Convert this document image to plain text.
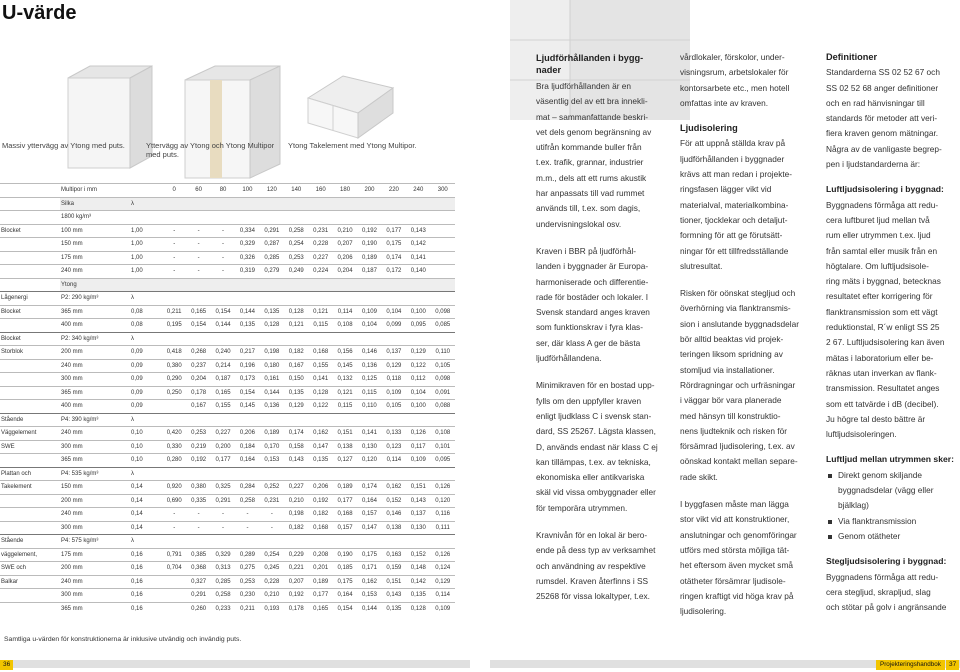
U-värde
Massiv yttervägg av Ytong med puts.	Yttervägg av Ytong och Ytong Multipor med puts.
Ytong Takelement med Ytong Multipor.
	Multipor i mm		0	60	80	100	120	140	160	180	200	220	240	300
	Silka	λ												
	1800 kg/m³													
Blocket	100 mm	1,00	-	-	-	0,334	0,291	0,258	0,231	0,210	0,192	0,177	0,143	
	150 mm	1,00	-	-	-	0,329	0,287	0,254	0,228	0,207	0,190	0,175	0,142	
	175 mm	1,00	-	-	-	0,326	0,285	0,253	0,227	0,206	0,189	0,174	0,141	
	240 mm	1,00	-	-	-	0,319	0,279	0,249	0,224	0,204	0,187	0,172	0,140	
	Ytong													
Lågenergi	P2: 290 kg/m³	λ												
Blocket	365 mm	0,08	0,211	0,165	0,154	0,144	0,135	0,128	0,121	0,114	0,109	0,104	0,100	0,098
	400 mm	0,08	0,195	0,154	0,144	0,135	0,128	0,121	0,115	0,108	0,104	0,099	0,095	0,085
Blocket	P2: 340 kg/m³	λ												
Storblok	200 mm	0,09	0,418	0,268	0,240	0,217	0,198	0,182	0,168	0,156	0,146	0,137	0,129	0,110
	240 mm	0,09	0,380	0,237	0,214	0,196	0,180	0,167	0,155	0,145	0,136	0,129	0,122	0,105
	300 mm	0,09	0,290	0,204	0,187	0,173	0,161	0,150	0,141	0,132	0,125	0,118	0,112	0,098
	365 mm	0,09	0,250	0,178	0,165	0,154	0,144	0,135	0,128	0,121	0,115	0,109	0,104	0,091
	400 mm	0,09		0,167	0,155	0,145	0,136	0,129	0,122	0,115	0,110	0,105	0,100	0,088
Stående	P4: 390 kg/m³	λ												
Väggelement	240 mm	0,10	0,420	0,253	0,227	0,206	0,189	0,174	0,162	0,151	0,141	0,133	0,126	0,108
SWE	300 mm	0,10	0,330	0,219	0,200	0,184	0,170	0,158	0,147	0,138	0,130	0,123	0,117	0,101
	365 mm	0,10	0,280	0,192	0,177	0,164	0,153	0,143	0,135	0,127	0,120	0,114	0,109	0,095
Plattan och	P4: 535 kg/m³	λ												
Takelement	150 mm	0,14	0,920	0,380	0,325	0,284	0,252	0,227	0,206	0,189	0,174	0,162	0,151	0,126
	200 mm	0,14	0,690	0,335	0,291	0,258	0,231	0,210	0,192	0,177	0,164	0,152	0,143	0,120
	240 mm	0,14	-	-	-	-	-	0,198	0,182	0,168	0,157	0,146	0,137	0,116
	300 mm	0,14	-	-	-	-	-	0,182	0,168	0,157	0,147	0,138	0,130	0,111
Stående	P4: 575 kg/m³	λ												
väggelement,	175 mm	0,16	0,791	0,385	0,329	0,289	0,254	0,229	0,208	0,190	0,175	0,163	0,152	0,126
SWE och	200 mm	0,16	0,704	0,368	0,313	0,275	0,245	0,221	0,201	0,185	0,171	0,159	0,148	0,124
Balkar	240 mm	0,16		0,327	0,285	0,253	0,228	0,207	0,189	0,175	0,162	0,151	0,142	0,129
	300 mm	0,16		0,291	0,258	0,230	0,210	0,192	0,177	0,164	0,153	0,143	0,135	0,114
	365 mm	0,16		0,260	0,233	0,211	0,193	0,178	0,165	0,154	0,144	0,135	0,128	0,109
Samtliga u-värden för konstruktionerna är inklusive utvändig och invändig puts.
Ljudförhållanden i bygg-
nader

Bra ljudförhållanden är en

väsentlig del av ett bra inneklі-

mat – sammanfattande beskri-

vet dels genom begränsning av

utifrån kommande buller från

t.ex. trafik, grannar, industrier

m.m., dels att ett rums akustik

har anpassats till vad rummet

används till, t.ex. som dagis,

undervisningslokal osv.

Kraven i BBR på ljudförhål-

landen i byggnader är Europa-

harmoniserade och differentie-

rade för bostäder och lokaler. I

Svensk standard anges kraven

som funktionskrav i fyra klas-

ser, där klass A ger de bästa

ljudförhållandena.

Minimikraven för en bostad upp-

fylls om den uppfyller kraven

enligt ljudklass C i svensk stan-

dard, SS 25267. Lägsta klassen,

D, används endast när klass C ej

kan tillämpas, t.ex. av tekniska,

ekonomiska eller antikvariska

skäl vid vissa ombyggnader eller

för temporära utrymmen.

Kravnivån för en lokal är bero-

ende på dess typ av verksamhet

och användning av respektive

rumsdel. Kraven återfinns i SS

25268 för vissa lokaltyper, t.ex.

vårdlokaler, förskolor, under-

visningsrum, arbetslokaler för

kontorsarbete etc., men hotell

omfattas inte av kraven.

Ljudisolering

För att uppnå ställda krav på

ljudförhållanden i byggnader

krävs att man redan i projekte-

ringsfasen lägger vikt vid

materialval, materialkombina-

tioner, tjocklekar och detaljut-

formning för att ge förutsätt-

ningar för ett tillfredsställande

slutresultat.

Risken för oönskat stegljud och

överhörning via flanktransmis-

sion i anslutande byggnadsdelar

bör alltid beaktas vid projek-

teringen liksom spridning av

stomljud via installationer.

Rördragningar och urfräsningar

i väggar bör vara planerade

med hänsyn till konstruktio-

nens ljudteknik och risken för

försämrad ljudisolering, t.ex. av

oönskad kontakt mellan separe-

rade skikt.

I byggfasen måste man lägga

stor vikt vid att konstruktioner,

anslutningar och genomföringar

utförs med största möjliga tät-

het eftersom även mycket små

otätheter försämrar ljudisole-

ringen kraftigt vid höga krav på

ljudisolering.

Definitioner

Standarderna SS 02 52 67 och

SS 02 52 68 anger definitioner

och en rad hänvisningar till

standards för metoder att veri-

fiera kraven genom mätningar.

Några av de vanligaste begrep-

pen i ljudstandarderna är:

Luftljudsisolering i byggnad:

Byggnadens förmåga att redu-

cera luftburet ljud mellan två

rum eller utrymmen t.ex. ljud

från samtal eller musik från en

högtalare. Om luftljudsisole-

ring mäts i byggnad, betecknas

resultatet efter korrigering för

flanktransmission som ett vägt

reduktionstal, R´w enligt SS 25

2 67. Luftljudsisolering kan även

mätas i laboratorium eller be-

räknas utan inverkan av flank-

transmission. Resultatet anges

som ett tatvärde i dB (decibel).

Ju högre tal desto bättre är

luftljudsisoleringen.

Luftljud mellan utrymmen sker:
Direkt genom skiljande
byggnadsdelar (vägg eller
bjälklag)
Via flanktransmission
Genom otätheter
Stegljudsisolering i byggnad:

Byggnadens förmåga att redu-

cera stegljud, skrapljud, slag

och stötar på golv i angränsande

36	Projekteringshandbok	37
